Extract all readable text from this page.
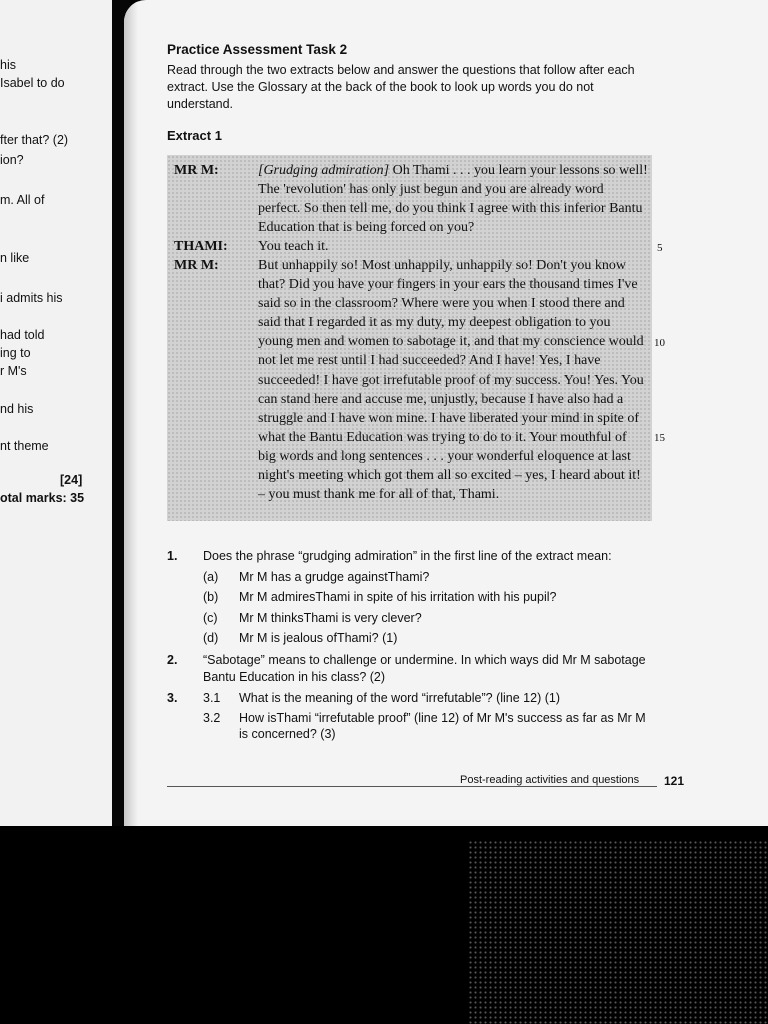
his
Isabel to do
fter that? (2)
ion?
m. All of
n like
i admits his
had told
ing to
r M's
nd his
nt theme
[24]
otal marks: 35
Practice Assessment Task 2
Read through the two extracts below and answer the questions that follow after each extract. Use the Glossary at the back of the book to look up words you do not understand.
Extract 1
MR M:	[Grudging admiration] Oh Thami . . . you learn your lessons so well! The 'revolution' has only just begun and you are already word perfect. So then tell me, do you think I agree with this inferior Bantu Education that is being forced on you?
THAMI:	You teach it.
MR M:	But unhappily so! Most unhappily, unhappily so! Don't you know that? Did you have your fingers in your ears the thousand times I've said so in the classroom? Where were you when I stood there and said that I regarded it as my duty, my deepest obligation to you young men and women to sabotage it, and that my conscience would not let me rest until I had succeeded? And I have! Yes, I have succeeded! I have got irrefutable proof of my success. You! Yes. You can stand here and accuse me, unjustly, because I have also had a struggle and I have won mine. I have liberated your mind in spite of what the Bantu Education was trying to do to it. Your mouthful of big words and long sentences . . . your wonderful eloquence at last night's meeting which got them all so excited – yes, I heard about it! – you must thank me for all of that, Thami.
5
10
15
1. Does the phrase “grudging admiration” in the first line of the extract mean:
(a) Mr M has a grudge againstThami?
(b) Mr M admiresThami in spite of his irritation with his pupil?
(c) Mr M thinksThami is very clever?
(d) Mr M is jealous ofThami? (1)
2. “Sabotage” means to challenge or undermine. In which ways did Mr M sabotage Bantu Education in his class? (2)
3. 3.1 What is the meaning of the word “irrefutable”? (line 12) (1)
3.2 How isThami “irrefutable proof” (line 12) of Mr M's success as far as Mr M is concerned? (3)
Post-reading activities and questions 121
